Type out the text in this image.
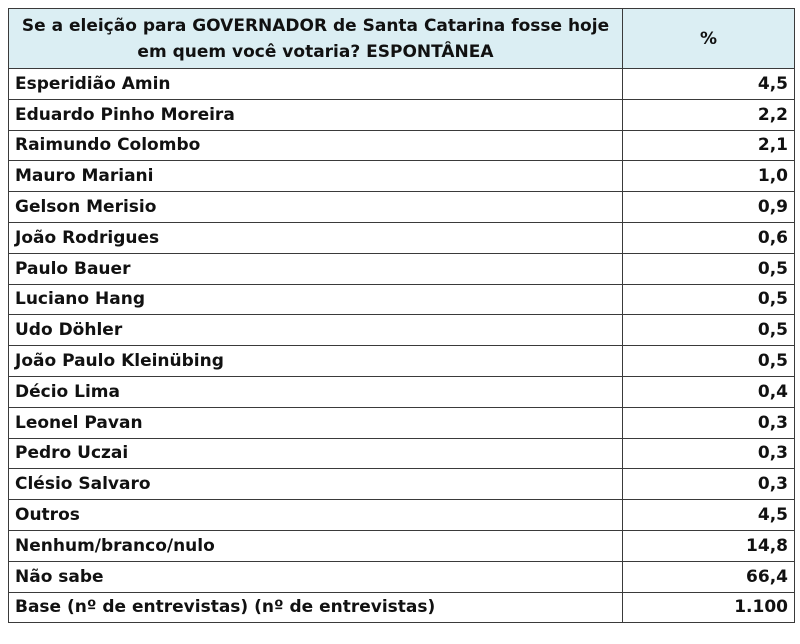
Se a eleição para GOVERNADOR de Santa Catarina fosse hoje em quem você votaria? ESPONTÂNEA	%
Esperidião Amin	4,5
Eduardo Pinho Moreira	2,2
Raimundo Colombo	2,1
Mauro Mariani	1,0
Gelson Merisio	0,9
João Rodrigues	0,6
Paulo Bauer	0,5
Luciano Hang	0,5
Udo Döhler	0,5
João Paulo Kleinübing	0,5
Décio Lima	0,4
Leonel Pavan	0,3
Pedro Uczai	0,3
Clésio Salvaro	0,3
Outros	4,5
Nenhum/branco/nulo	14,8
Não sabe	66,4
Base (nº de entrevistas) (nº de entrevistas)	1.100
